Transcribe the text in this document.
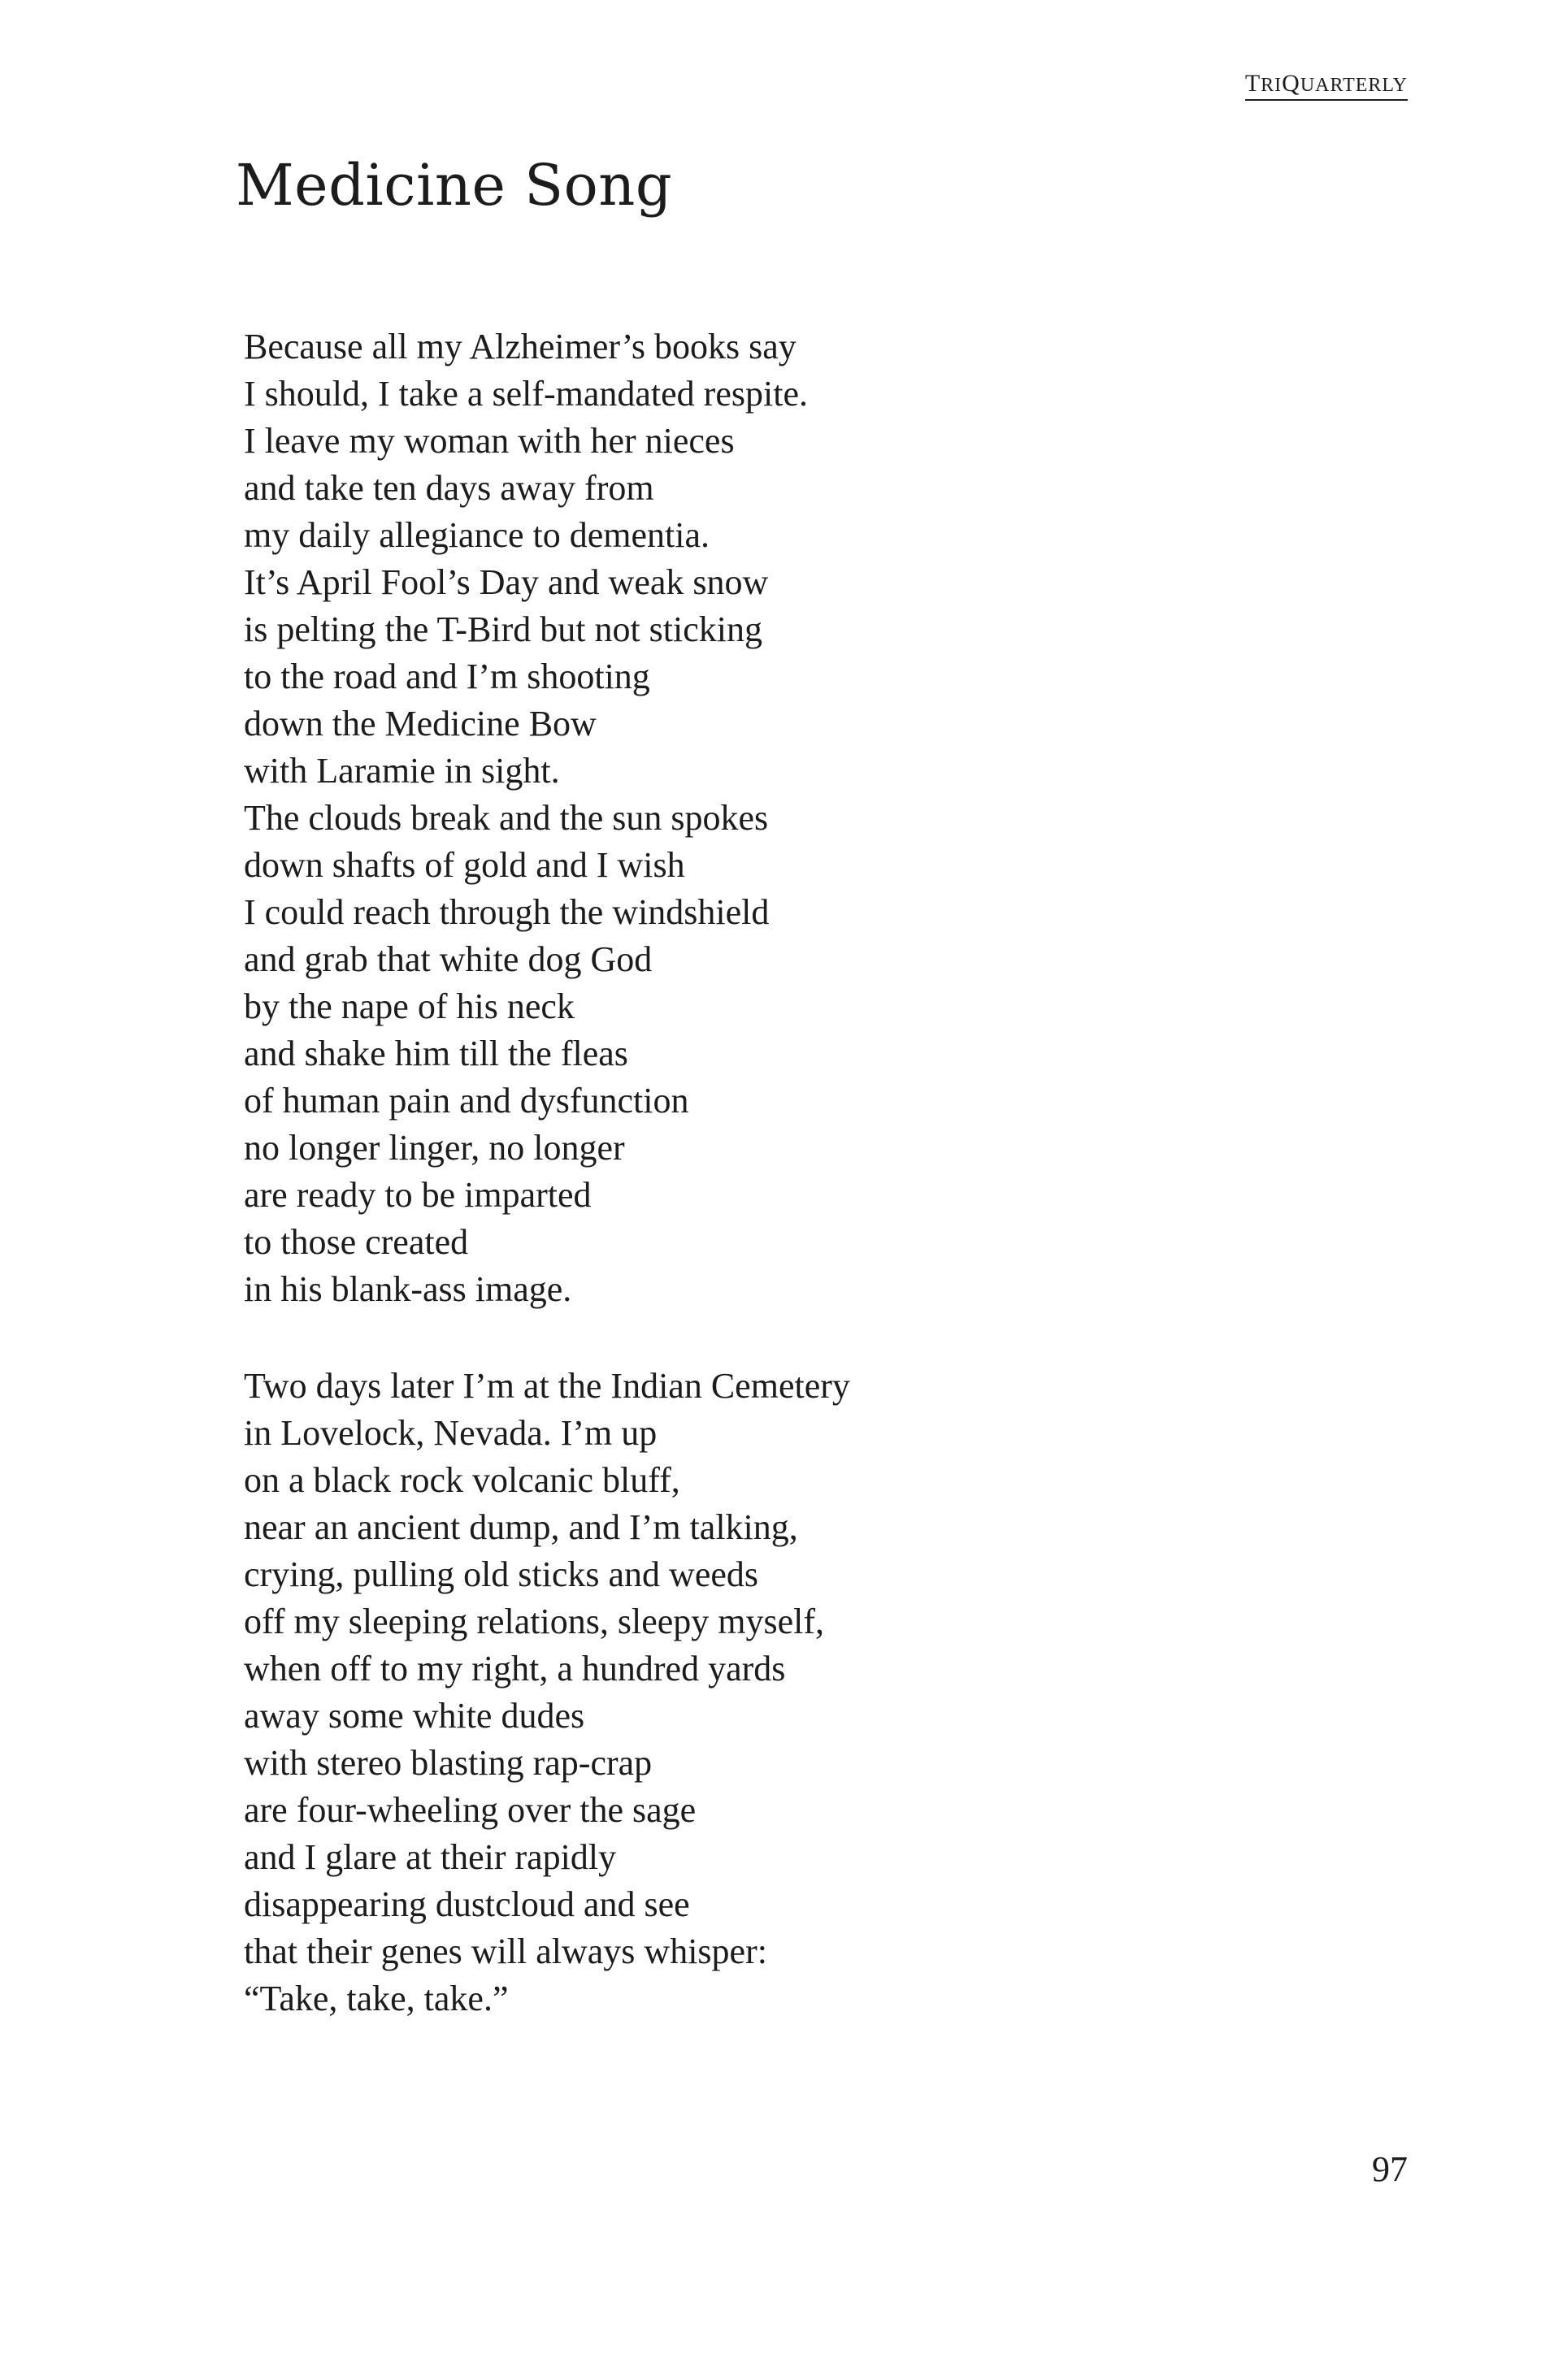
TRIQUARTERLY
Medicine Song
Because all my Alzheimer’s books say
I should, I take a self-mandated respite.
I leave my woman with her nieces
and take ten days away from
my daily allegiance to dementia.
It’s April Fool’s Day and weak snow
is pelting the T-Bird but not sticking
to the road and I’m shooting
down the Medicine Bow
with Laramie in sight.
The clouds break and the sun spokes
down shafts of gold and I wish
I could reach through the windshield
and grab that white dog God
by the nape of his neck
and shake him till the fleas
of human pain and dysfunction
no longer linger, no longer
are ready to be imparted
to those created
in his blank-ass image.
Two days later I’m at the Indian Cemetery
in Lovelock, Nevada. I’m up
on a black rock volcanic bluff,
near an ancient dump, and I’m talking,
crying, pulling old sticks and weeds
off my sleeping relations, sleepy myself,
when off to my right, a hundred yards
away some white dudes
with stereo blasting rap-crap
are four-wheeling over the sage
and I glare at their rapidly
disappearing dustcloud and see
that their genes will always whisper:
“Take, take, take.”
97
